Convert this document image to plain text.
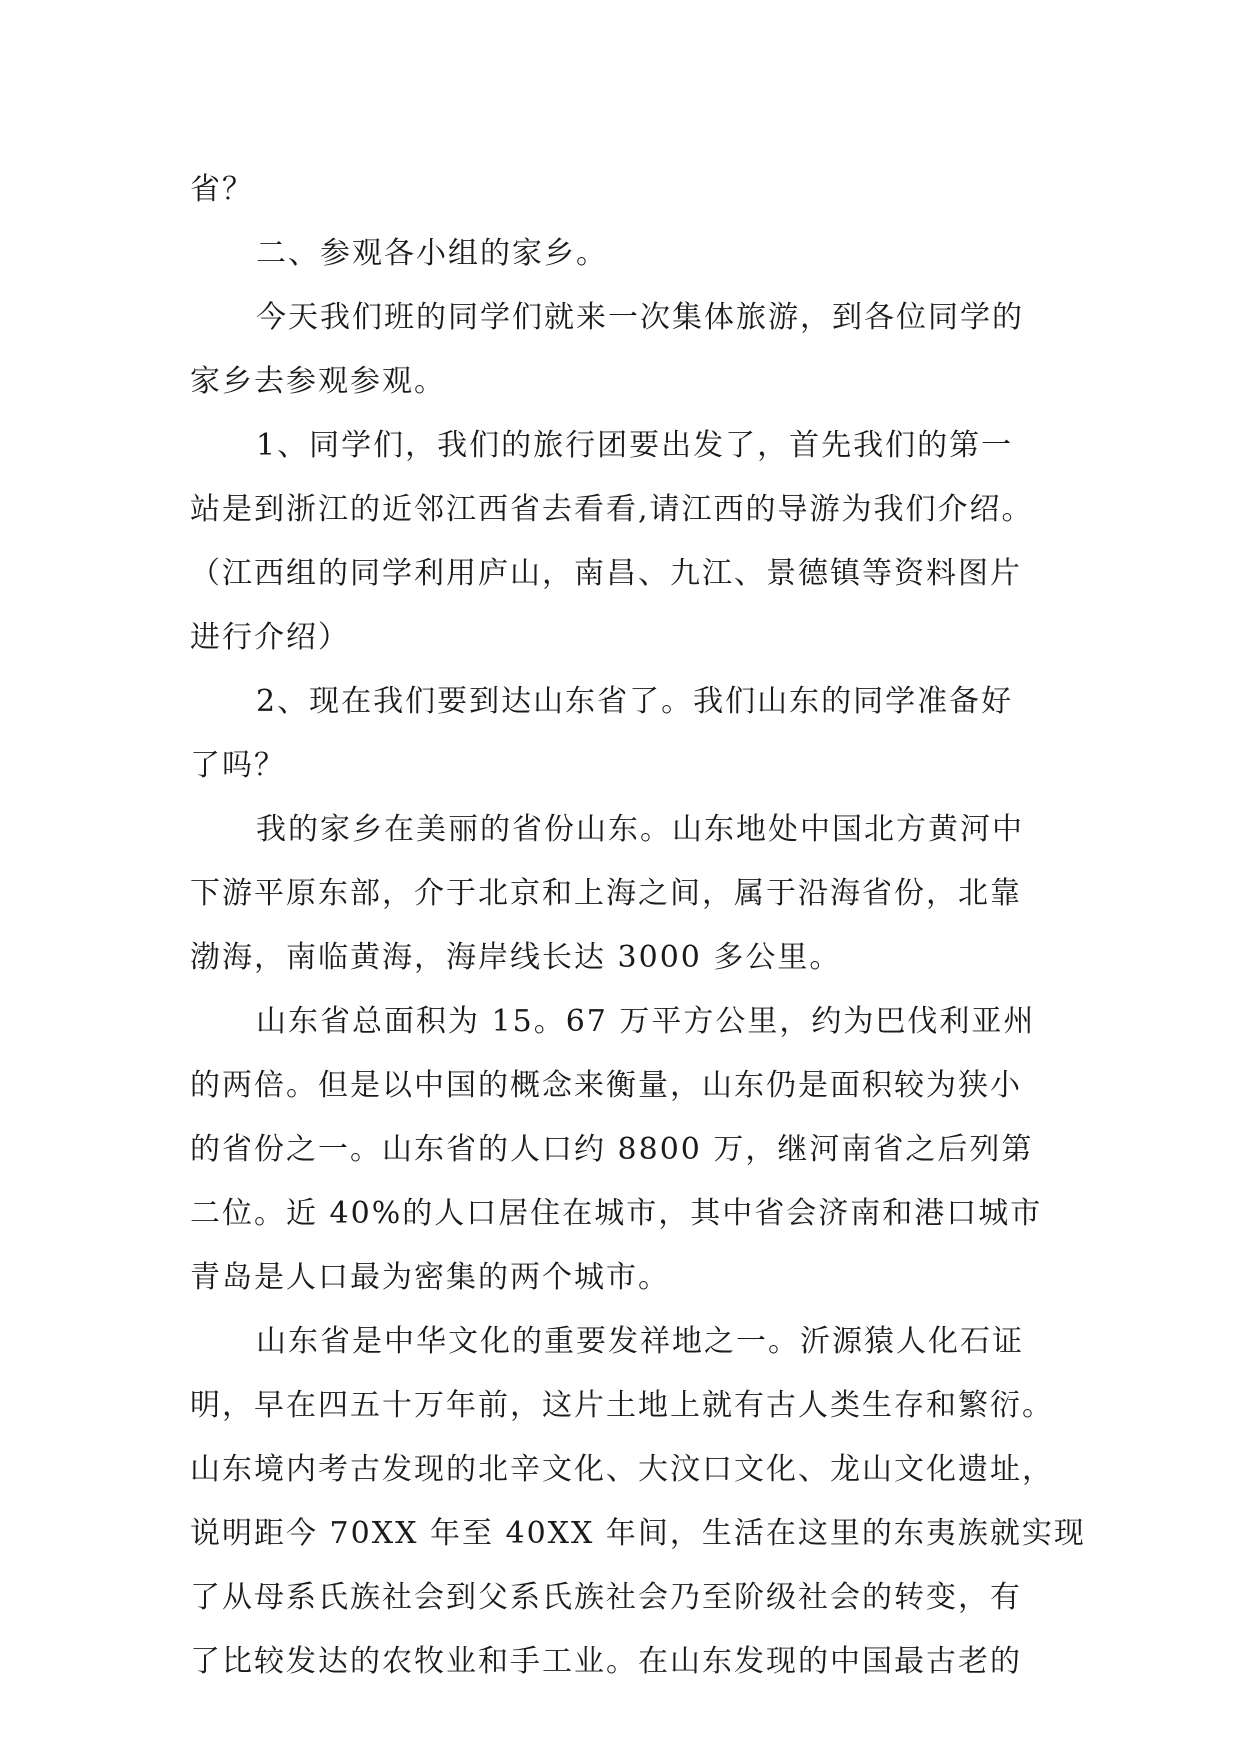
省？
二、参观各小组的家乡。
今天我们班的同学们就来一次集体旅游，到各位同学的
家乡去参观参观。
1、同学们，我们的旅行团要出发了，首先我们的第一
站是到浙江的近邻江西省去看看,请江西的导游为我们介绍。
（江西组的同学利用庐山，南昌、九江、景德镇等资料图片
进行介绍）
2、现在我们要到达山东省了。我们山东的同学准备好
了吗？
我的家乡在美丽的省份山东。山东地处中国北方黄河中
下游平原东部，介于北京和上海之间，属于沿海省份，北靠
渤海，南临黄海，海岸线长达 3000 多公里。
山东省总面积为 15。67 万平方公里，约为巴伐利亚州
的两倍。但是以中国的概念来衡量，山东仍是面积较为狭小
的省份之一。山东省的人口约 8800 万，继河南省之后列第
二位。近 40%的人口居住在城市，其中省会济南和港口城市
青岛是人口最为密集的两个城市。
山东省是中华文化的重要发祥地之一。沂源猿人化石证
明，早在四五十万年前，这片土地上就有古人类生存和繁衍。
山东境内考古发现的北辛文化、大汶口文化、龙山文化遗址，
说明距今 70XX 年至 40XX 年间，生活在这里的东夷族就实现
了从母系氏族社会到父系氏族社会乃至阶级社会的转变，有
了比较发达的农牧业和手工业。在山东发现的中国最古老的
